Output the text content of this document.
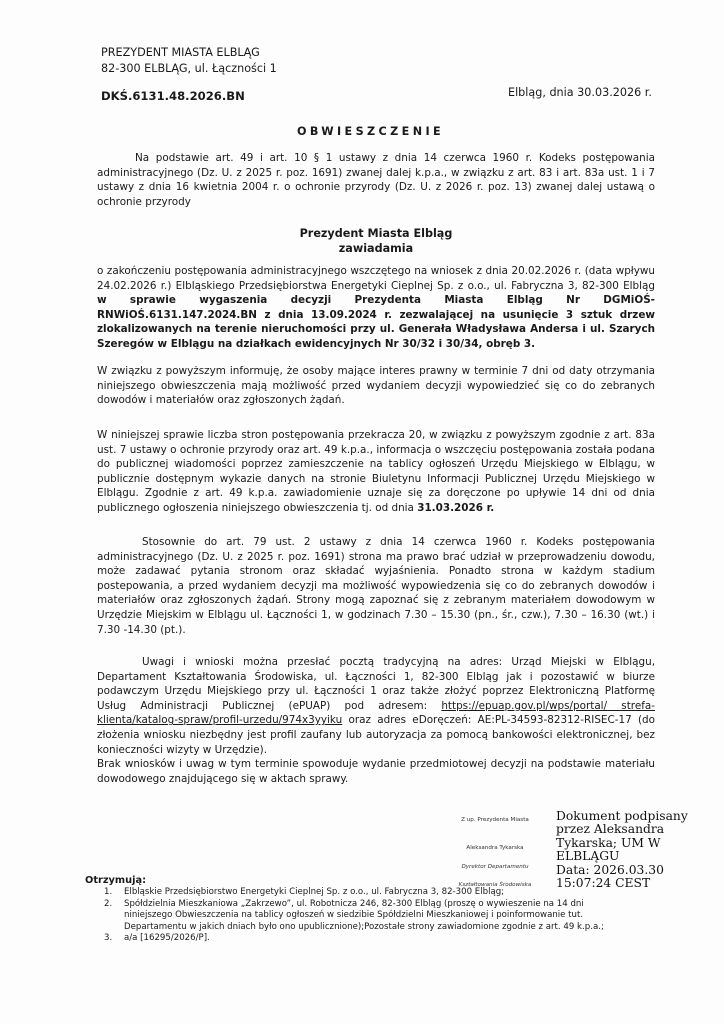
PREZYDENT MIASTA ELBLĄG
82-300 ELBLĄG, ul. Łączności 1
DKŚ.6131.48.2026.BN	Elbląg, dnia 30.03.2026 r.
OBWIESZCZENIE

Na podstawie art. 49 i art. 10 § 1 ustawy z dnia 14 czerwca 1960 r. Kodeks postępowania administracyjnego (Dz. U. z 2025 r. poz. 1691) zwanej dalej k.p.a., w związku z art. 83 i art. 83a ust. 1 i 7 ustawy z dnia 16 kwietnia 2004 r. o ochronie przyrody (Dz. U. z 2026 r. poz. 13) zwanej dalej ustawą o ochronie przyrody

Prezydent Miasta Elbląg
zawiadamia

o zakończeniu postępowania administracyjnego wszczętego na wniosek z dnia 20.02.2026 r. (data wpływu 24.02.2026 r.) Elbląskiego Przedsiębiorstwa Energetyki Cieplnej Sp. z o.o., ul. Fabryczna 3, 82-300 Elbląg w sprawie wygaszenia decyzji Prezydenta Miasta Elbląg Nr DGMiOŚ-RNWiOŚ.6131.147.2024.BN z dnia 13.09.2024 r. zezwalającej na usunięcie 3 sztuk drzew zlokalizowanych na terenie nieruchomości przy ul. Generała Władysława Andersa i ul. Szarych Szeregów w Elblągu na działkach ewidencyjnych Nr 30/32 i 30/34, obręb 3.

W związku z powyższym informuję, że osoby mające interes prawny w terminie 7 dni od daty otrzymania niniejszego obwieszczenia mają możliwość przed wydaniem decyzji wypowiedzieć się co do zebranych dowodów i materiałów oraz zgłoszonych żądań.

W niniejszej sprawie liczba stron postępowania przekracza 20, w związku z powyższym zgodnie z art. 83a ust. 7 ustawy o ochronie przyrody oraz art. 49 k.p.a., informacja o wszczęciu postępowania została podana do publicznej wiadomości poprzez zamieszczenie na tablicy ogłoszeń Urzędu Miejskiego w Elblągu, w publicznie dostępnym wykazie danych na stronie Biuletynu Informacji Publicznej Urzędu Miejskiego w Elblągu. Zgodnie z art. 49 k.p.a. zawiadomienie uznaje się za doręczone po upływie 14 dni od dnia publicznego ogłoszenia niniejszego obwieszczenia tj. od dnia 31.03.2026 r.

Stosownie do art. 79 ust. 2 ustawy z dnia 14 czerwca 1960 r. Kodeks postępowania administracyjnego (Dz. U. z 2025 r. poz. 1691) strona ma prawo brać udział w przeprowadzeniu dowodu, może zadawać pytania stronom oraz składać wyjaśnienia. Ponadto strona w każdym stadium postepowania, a przed wydaniem decyzji ma możliwość wypowiedzenia się co do zebranych dowodów i materiałów oraz zgłoszonych żądań. Strony mogą zapoznać się z zebranym materiałem dowodowym w Urzędzie Miejskim w Elblągu ul. Łączności 1, w godzinach 7.30 – 15.30 (pn., śr., czw.), 7.30 – 16.30 (wt.) i 7.30 -14.30 (pt.).

Uwagi i wnioski można przesłać pocztą tradycyjną na adres: Urząd Miejski w Elblągu, Departament Kształtowania Środowiska, ul. Łączności 1, 82-300 Elbląg jak i pozostawić w biurze podawczym Urzędu Miejskiego przy ul. Łączności 1 oraz także złożyć poprzez Elektroniczną Platformę Usług Administracji Publicznej (ePUAP) pod adresem: https://epuap.gov.pl/wps/portal/ strefa-klienta/katalog-spraw/profil-urzedu/974x3yyiku oraz adres eDoręczeń: AE:PL-34593-82312-RISEC-17 (do złożenia wniosku niezbędny jest profil zaufany lub autoryzacja za pomocą bankowości elektronicznej, bez konieczności wizyty w Urzędzie).

Brak wniosków i uwag w tym terminie spowoduje wydanie przedmiotowej decyzji na podstawie materiału dowodowego znajdującego się w aktach sprawy.

Z up. Prezydenta Miasta
Aleksandra Tykarska
Dyrektor Departamentu
Kształtowania Środowiska
Dokument podpisany
przez Aleksandra
Tykarska; UM W
ELBLĄGU
Data: 2026.03.30
15:07:24 CEST
Otrzymują:
1. Elbląskie Przedsiębiorstwo Energetyki Cieplnej Sp. z o.o., ul. Fabryczna 3, 82-300 Elbląg;
2. Spółdzielnia Mieszkaniowa „Zakrzewo”, ul. Robotnicza 246, 82-300 Elbląg (proszę o wywieszenie na 14 dni niniejszego Obwieszczenia na tablicy ogłoszeń w siedzibie Spółdzielni Mieszkaniowej i poinformowanie tut. Departamentu w jakich dniach było ono upublicznione);Pozostałe strony zawiadomione zgodnie z art. 49 k.p.a.;
3. a/a [16295/2026/P].
